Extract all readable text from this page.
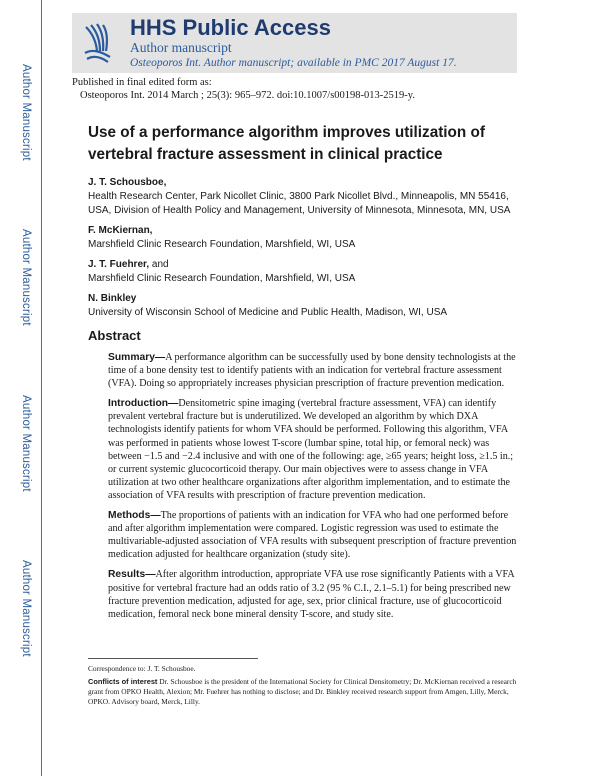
Author Manuscript
Author Manuscript
Author Manuscript
Author Manuscript
HHS Public Access
Author manuscript
Osteoporos Int. Author manuscript; available in PMC 2017 August 17.
Published in final edited form as:
Osteoporos Int. 2014 March ; 25(3): 965–972. doi:10.1007/s00198-013-2519-y.
Use of a performance algorithm improves utilization of vertebral fracture assessment in clinical practice
J. T. Schousboe,
Health Research Center, Park Nicollet Clinic, 3800 Park Nicollet Blvd., Minneapolis, MN 55416, USA, Division of Health Policy and Management, University of Minnesota, Minnesota, MN, USA
F. McKiernan,
Marshfield Clinic Research Foundation, Marshfield, WI, USA
J. T. Fuehrer, and
Marshfield Clinic Research Foundation, Marshfield, WI, USA
N. Binkley
University of Wisconsin School of Medicine and Public Health, Madison, WI, USA
Abstract

Summary—A performance algorithm can be successfully used by bone density technologists at the time of a bone density test to identify patients with an indication for vertebral fracture assessment (VFA). Doing so appropriately increases physician prescription of fracture prevention medication.

Introduction—Densitometric spine imaging (vertebral fracture assessment, VFA) can identify prevalent vertebral fracture but is underutilized. We developed an algorithm by which DXA technologists identify patients for whom VFA should be performed. Following this algorithm, VFA was performed in patients whose lowest T-score (lumbar spine, total hip, or femoral neck) was between −1.5 and −2.4 inclusive and with one of the following: age, ≥65 years; height loss, ≥1.5 in.; or current systemic glucocorticoid therapy. Our main objectives were to assess change in VFA utilization at two other healthcare organizations after algorithm implementation, and to estimate the association of VFA results with prescription of fracture prevention medication.

Methods—The proportions of patients with an indication for VFA who had one performed before and after algorithm implementation were compared. Logistic regression was used to estimate the multivariable-adjusted association of VFA results with subsequent prescription of fracture prevention medication adjusted for healthcare organization (study site).

Results—After algorithm introduction, appropriate VFA use rose significantly Patients with a VFA positive for vertebral fracture had an odds ratio of 3.2 (95 % C.I., 2.1–5.1) for being prescribed new fracture prevention medication, adjusted for age, sex, prior clinical fracture, use of glucocorticoid medication, femoral neck bone mineral density T-score, and study site.

Correspondence to: J. T. Schousboe.

Conflicts of interest Dr. Schousboe is the president of the International Society for Clinical Densitometry; Dr. McKiernan received a research grant from OPKO Health, Alexion; Mr. Fuehrer has nothing to disclose; and Dr. Binkley received research support from Amgen, Lilly, Merck, OPKO. Advisory board, Merck, Lilly.
